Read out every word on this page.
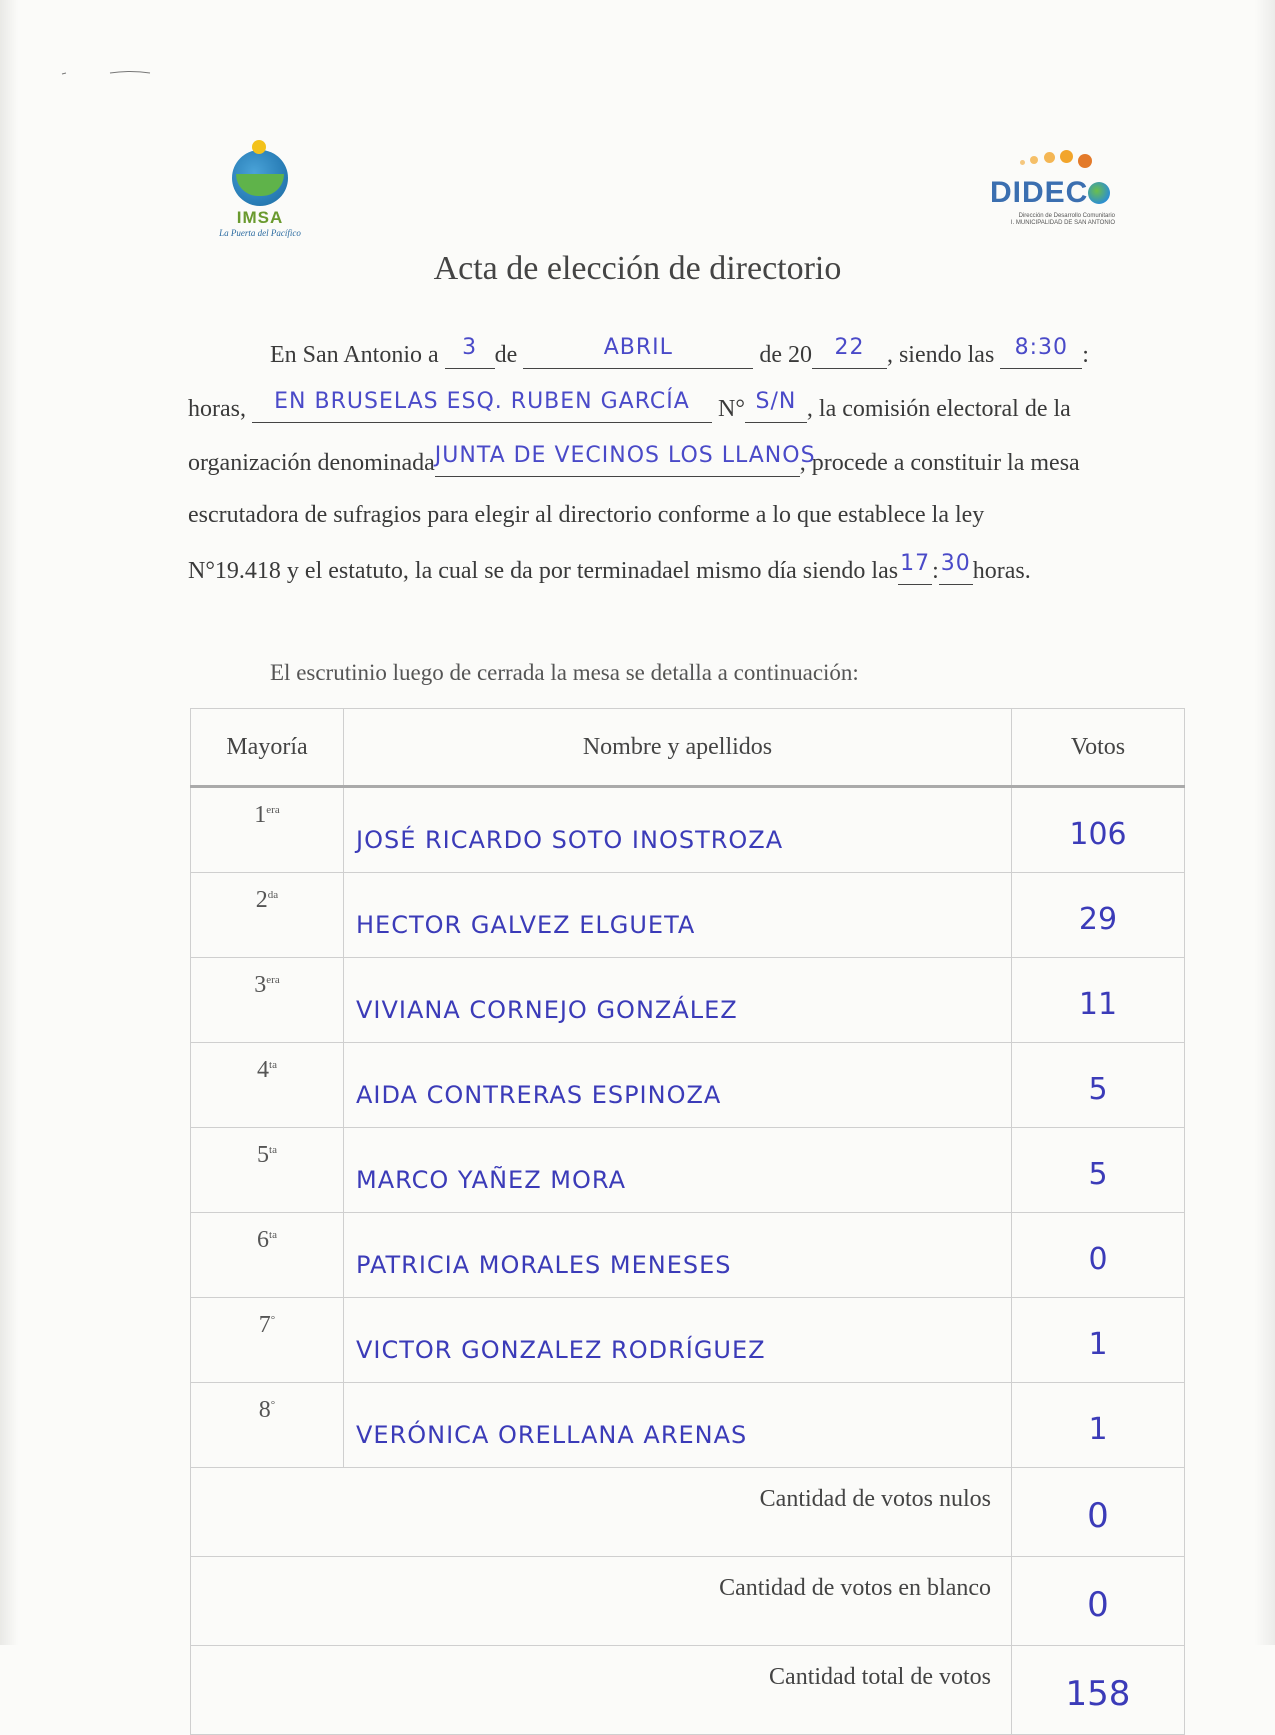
IMSA
La Puerta del Pacífico
DIDEC
Dirección de Desarrollo Comunitario
I. MUNICIPALIDAD DE SAN ANTONIO
Acta de elección de directorio
En San Antonio a 3 de	ABRIL	de 20 22 , siendo las 8:30 :
horas, EN BRUSELAS ESQ. RUBEN GARCÍA N° S/N , la comisión electoral de la
organización denominadaJUNTA DE VECINOS LOS LLANOS, procede a constituir la mesa
escrutadora de sufragios para elegir al directorio conforme a lo que establece la ley
N°19.418 y el estatuto, la cual se da por terminadael mismo día siendo las17:30horas.
El escrutinio luego de cerrada la mesa se detalla a continuación:
Mayoría	Nombre y apellidos	Votos
$1^{era}$	JOSÉ RICARDO SOTO INOSTROZA	106
$2^{da}$	HECTOR GALVEZ ELGUETA	29
$3^{era}$	VIVIANA CORNEJO GONZÁLEZ	11
$4^{ta}$	AIDA CONTRERAS ESPINOZA	5
$5^{ta}$	MARCO YAÑEZ MORA	5
$6^{ta}$	PATRICIA MORALES MENESES	0
7°	VICTOR GONZALEZ RODRÍGUEZ	1
8°	VERÓNICA ORELLANA ARENAS	1
Cantidad de votos nulos		0
Cantidad de votos en blanco		0
Cantidad total de votos		158
